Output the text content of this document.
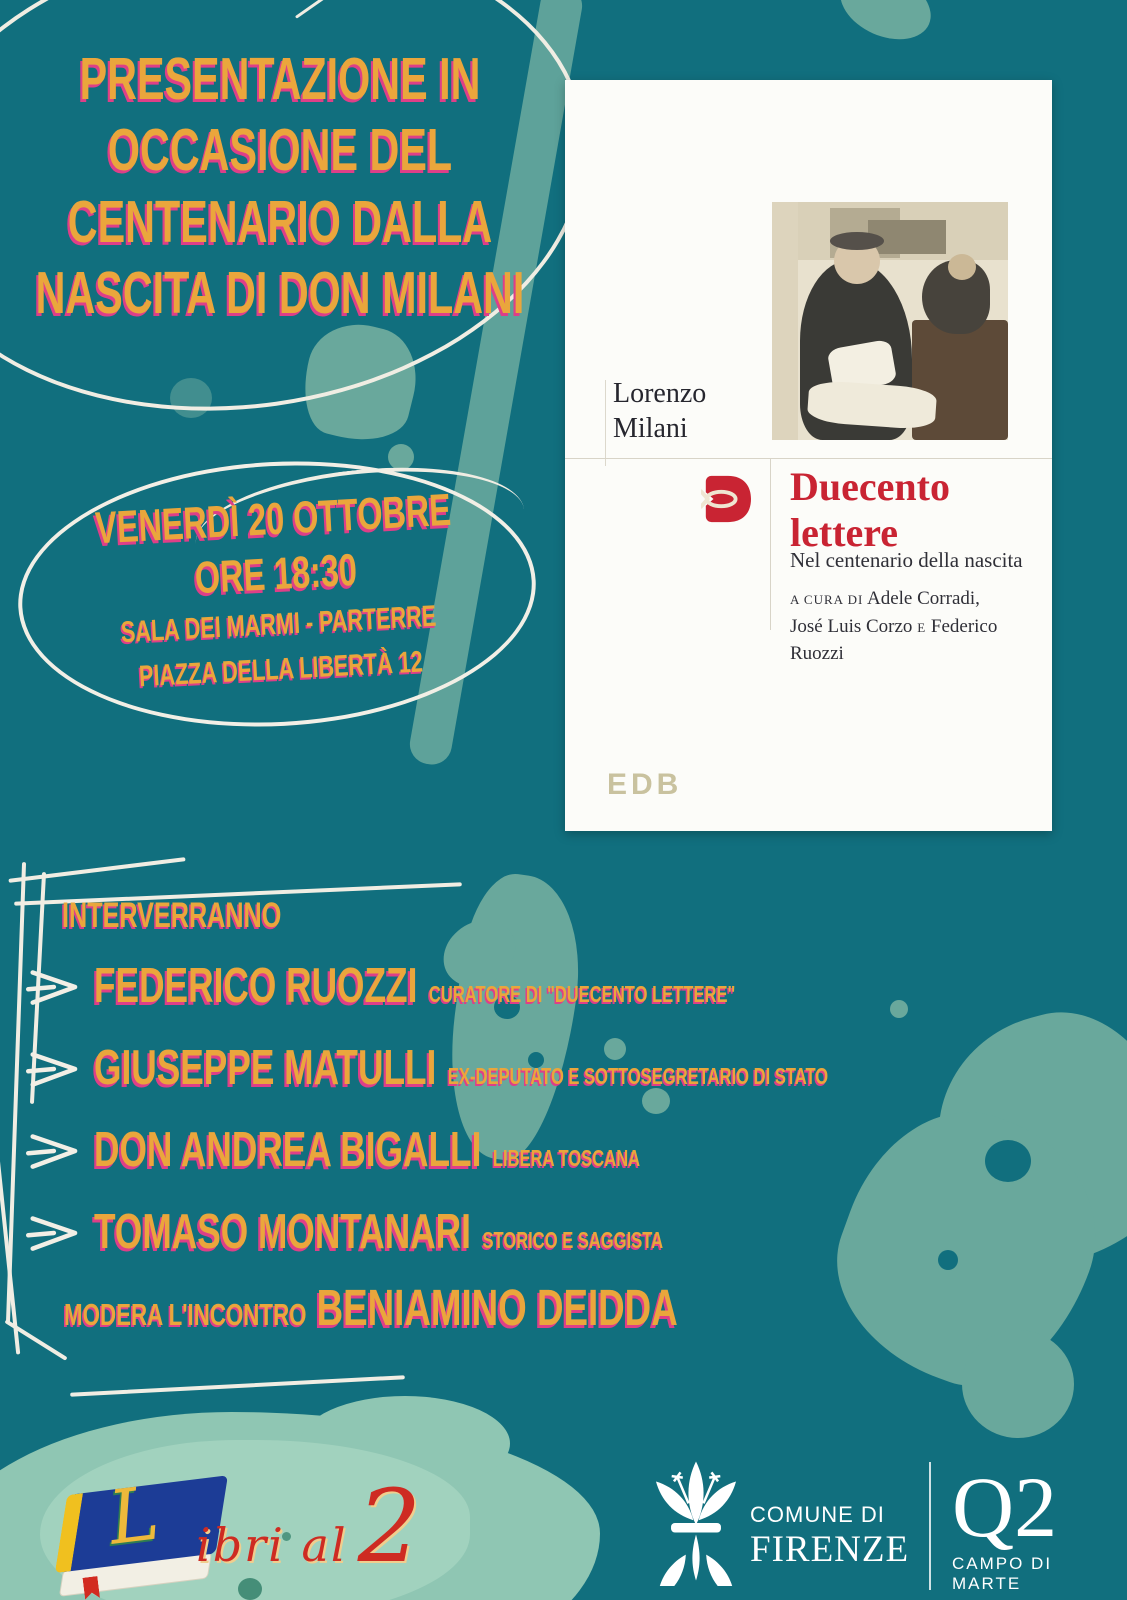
PRESENTAZIONE IN
OCCASIONE DEL
CENTENARIO DALLA
NASCITA DI DON MILANI
Lorenzo
Milani
Duecento
lettere
Nel centenario della nascita
A CURA DI Adele Corradi,
José Luis Corzo E Federico Ruozzi
EDB
VENERDÌ 20 OTTOBRE
ORE 18:30
SALA DEI MARMI - PARTERRE
PIAZZA DELLA LIBERTÀ 12
INTERVERRANNO
FEDERICO RUOZZI CURATORE DI "DUECENTO LETTERE"
GIUSEPPE MATULLI EX-DEPUTATO E SOTTOSEGRETARIO DI STATO
DON ANDREA BIGALLI LIBERA TOSCANA
TOMASO MONTANARI STORICO E SAGGISTA
MODERA L'INCONTRO BENIAMINO DEIDDA
L ibri al 2	COMUNE DI
FIRENZE Q2
CAMPO DI MARTE
